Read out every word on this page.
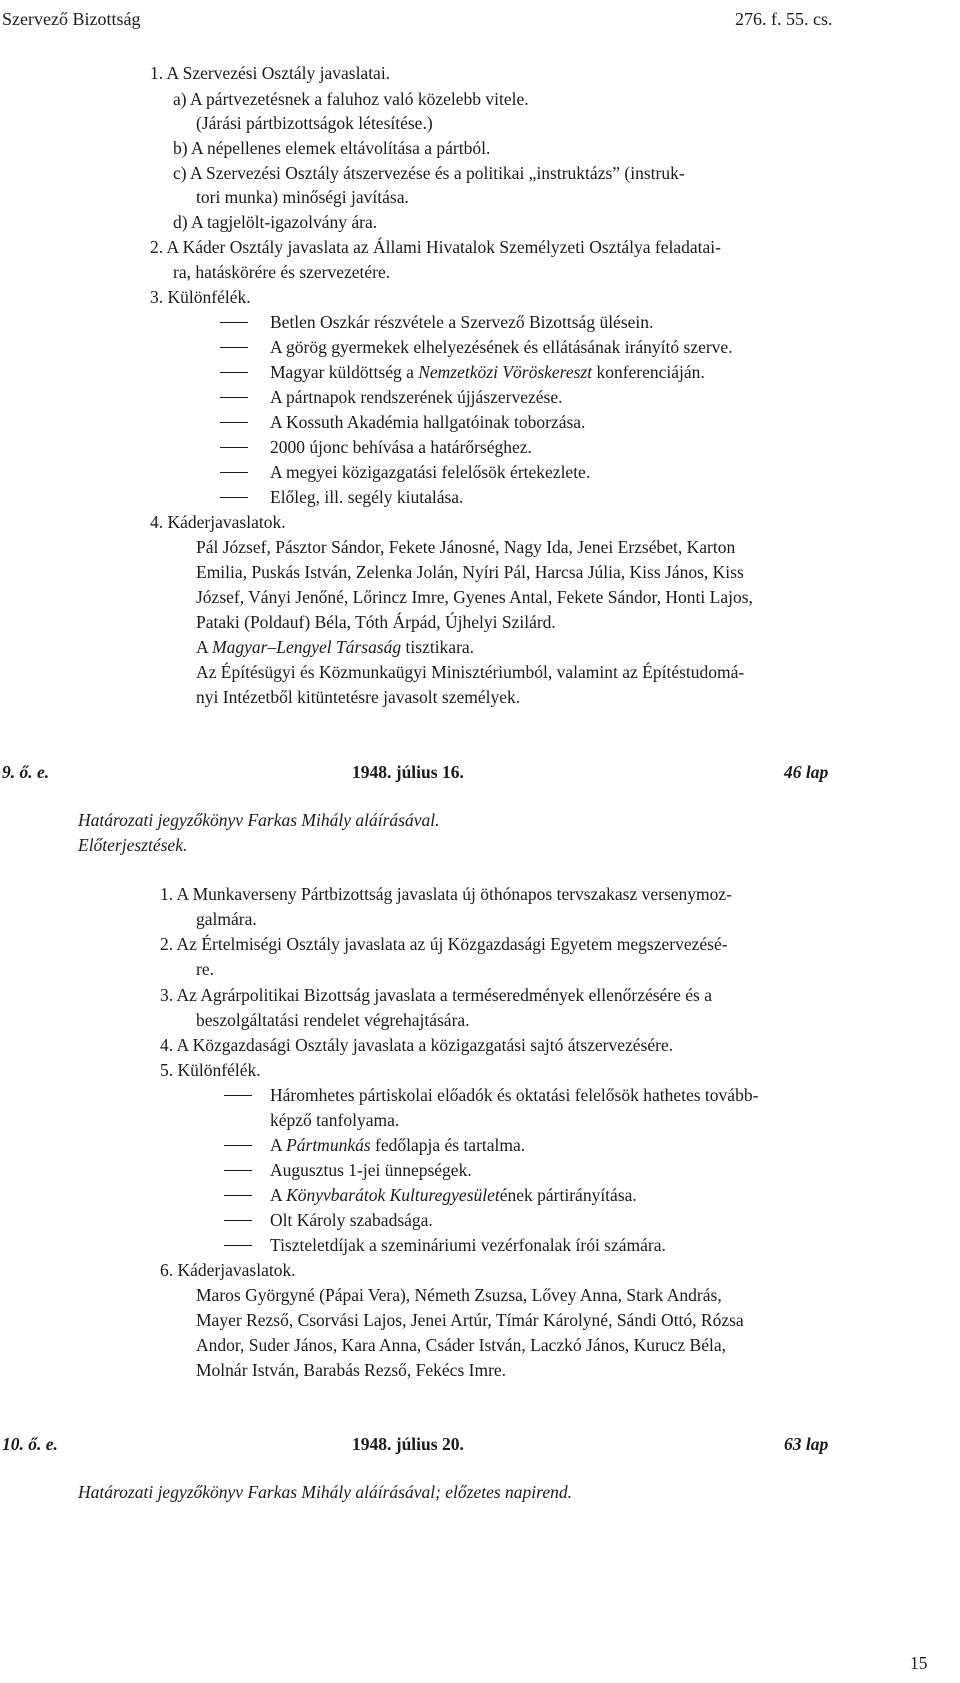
Szervező Bizottság	276. f. 55. cs.
1. A Szervezési Osztály javaslatai.
a) A pártvezetésnek a faluhoz való közelebb vitele.
(Járási pártbizottságok létesítése.)
b) A népellenes elemek eltávolítása a pártból.
c) A Szervezési Osztály átszervezése és a politikai „instruktázs” (instruk-
tori munka) minőségi javítása.
d) A tagjelölt-igazolvány ára.
2. A Káder Osztály javaslata az Állami Hivatalok Személyzeti Osztálya feladatai-
ra, hatáskörére és szervezetére.
3. Különfélék.
Betlen Oszkár részvétele a Szervező Bizottság ülésein.
A görög gyermekek elhelyezésének és ellátásának irányító szerve.
Magyar küldöttség a Nemzetközi Vöröskereszt konferenciáján.
A pártnapok rendszerének újjászervezése.
A Kossuth Akadémia hallgatóinak toborzása.
2000 újonc behívása a határőrséghez.
A megyei közigazgatási felelősök értekezlete.
Előleg, ill. segély kiutalása.
4. Káderjavaslatok.
Pál József, Pásztor Sándor, Fekete Jánosné, Nagy Ida, Jenei Erzsébet, Karton
Emilia, Puskás István, Zelenka Jolán, Nyíri Pál, Harcsa Júlia, Kiss János, Kiss
József, Ványi Jenőné, Lőrincz Imre, Gyenes Antal, Fekete Sándor, Honti Lajos,
Pataki (Poldauf) Béla, Tóth Árpád, Újhelyi Szilárd.
A Magyar–Lengyel Társaság tisztikara.
Az Építésügyi és Közmunkaügyi Minisztériumból, valamint az Építéstudomá-
nyi Intézetből kitüntetésre javasolt személyek.
9. ő. e.	1948. július 16.	46 lap
Határozati jegyzőkönyv Farkas Mihály aláírásával.
Előterjesztések.
1. A Munkaverseny Pártbizottság javaslata új öthónapos tervszakasz versenymoz-
galmára.
2. Az Értelmiségi Osztály javaslata az új Közgazdasági Egyetem megszervezésé-
re.
3. Az Agrárpolitikai Bizottság javaslata a terméseredmények ellenőrzésére és a
beszolgáltatási rendelet végrehajtására.
4. A Közgazdasági Osztály javaslata a közigazgatási sajtó átszervezésére.
5. Különfélék.
Háromhetes pártiskolai előadók és oktatási felelősök hathetes tovább-
képző tanfolyama.
A Pártmunkás fedőlapja és tartalma.
Augusztus 1-jei ünnepségek.
A Könyvbarátok Kulturegyesületének pártirányítása.
Olt Károly szabadsága.
Tiszteletdíjak a szemináriumi vezérfonalak írói számára.
6. Káderjavaslatok.
Maros Györgyné (Pápai Vera), Németh Zsuzsa, Lővey Anna, Stark András,
Mayer Rezső, Csorvási Lajos, Jenei Artúr, Tímár Károlyné, Sándi Ottó, Rózsa
Andor, Suder János, Kara Anna, Csáder István, Laczkó János, Kurucz Béla,
Molnár István, Barabás Rezső, Fekécs Imre.
10. ő. e.	1948. július 20.	63 lap
Határozati jegyzőkönyv Farkas Mihály aláírásával; előzetes napirend.
15
